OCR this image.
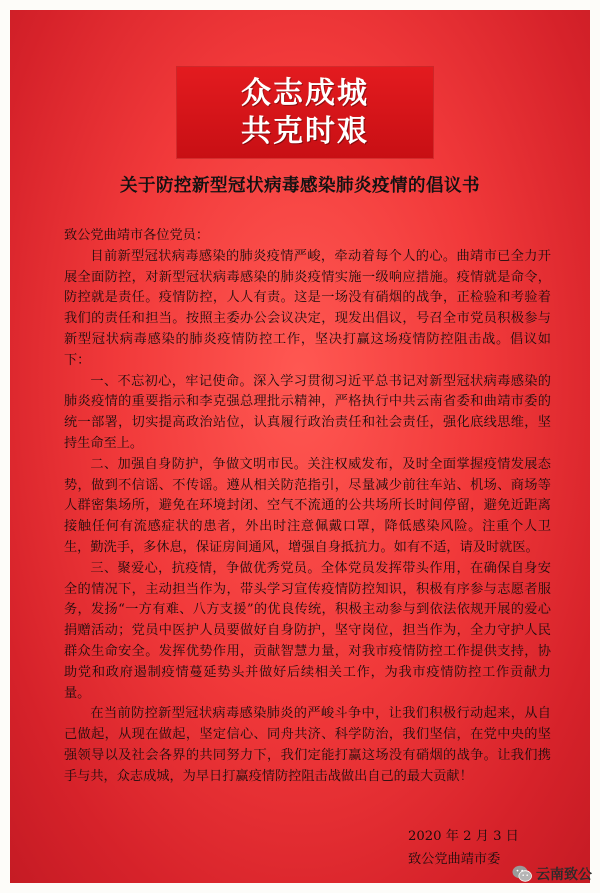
众志成城
共克时艰
关于防控新型冠状病毒感染肺炎疫情的倡议书

致公党曲靖市各位党员：

目前新型冠状病毒感染的肺炎疫情严峻，牵动着每个人的心。曲靖市已全力开展全面防控，对新型冠状病毒感染的肺炎疫情实施一级响应措施。疫情就是命令，防控就是责任。疫情防控，人人有责。这是一场没有硝烟的战争，正检验和考验着我们的责任和担当。按照主委办公会议决定，现发出倡议，号召全市党员积极参与新型冠状病毒感染的肺炎疫情防控工作，坚决打赢这场疫情防控阻击战。倡议如下：

一、不忘初心，牢记使命。深入学习贯彻习近平总书记对新型冠状病毒感染的肺炎疫情的重要指示和李克强总理批示精神，严格执行中共云南省委和曲靖市委的统一部署，切实提高政治站位，认真履行政治责任和社会责任，强化底线思维，坚持生命至上。

二、加强自身防护，争做文明市民。关注权威发布，及时全面掌握疫情发展态势，做到不信谣、不传谣。遵从相关防范指引，尽量减少前往车站、机场、商场等人群密集场所，避免在环境封闭、空气不流通的公共场所长时间停留，避免近距离接触任何有流感症状的患者，外出时注意佩戴口罩，降低感染风险。注重个人卫生，勤洗手，多休息，保证房间通风，增强自身抵抗力。如有不适，请及时就医。

三、聚爱心，抗疫情，争做优秀党员。全体党员发挥带头作用，在确保自身安全的情况下，主动担当作为，带头学习宣传疫情防控知识，积极有序参与志愿者服务，发扬“一方有难、八方支援”的优良传统，积极主动参与到依法依规开展的爱心捐赠活动；党员中医护人员要做好自身防护，坚守岗位，担当作为，全力守护人民群众生命安全。发挥优势作用，贡献智慧力量，对我市疫情防控工作提供支持，协助党和政府遏制疫情蔓延势头并做好后续相关工作，为我市疫情防控工作贡献力量。

在当前防控新型冠状病毒感染肺炎的严峻斗争中，让我们积极行动起来，从自己做起，从现在做起，坚定信心、同舟共济、科学防治，我们坚信，在党中央的坚强领导以及社会各界的共同努力下，我们定能打赢这场没有硝烟的战争。让我们携手与共，众志成城，为早日打赢疫情防控阻击战做出自己的最大贡献！

2020 年 2 月 3 日
致公党曲靖市委
云南致公
